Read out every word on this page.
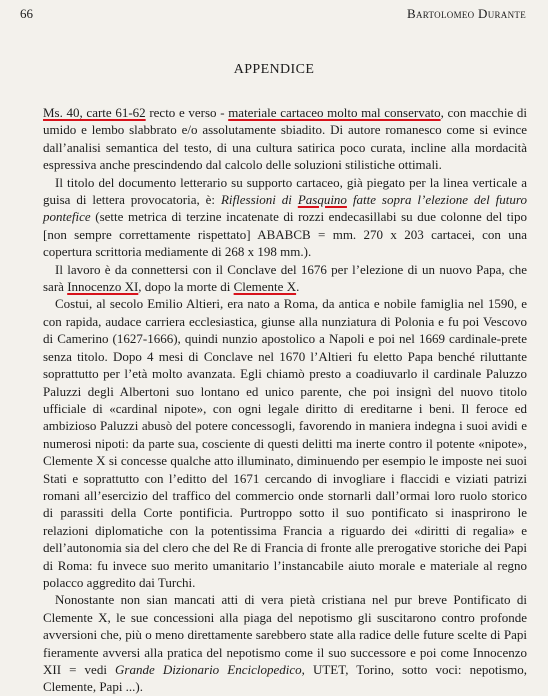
66	Bartolomeo Durante
APPENDICE

Ms. 40, carte 61-62 recto e verso - materiale cartaceo molto mal conservato, con macchie di umido e lembo slabbrato e/o assolutamente sbiadito. Di autore romanesco come si evince dall’analisi semantica del testo, di una cultura satirica poco curata, incline alla mordacità espressiva anche prescindendo dal calcolo delle soluzioni stilistiche ottimali.

Il titolo del documento letterario su supporto cartaceo, già piegato per la linea verticale a guisa di lettera provocatoria, è: Riflessioni di Pasquino fatte sopra l’elezione del futuro pontefice (sette metrica di terzine incatenate di rozzi endecasillabi su due colonne del tipo [non sempre correttamente rispettato] ABABCB = mm. 270 x 203 cartacei, con una copertura scrittoria mediamente di 268 x 198 mm.).

Il lavoro è da connettersi con il Conclave del 1676 per l’elezione di un nuovo Papa, che sarà Innocenzo XI, dopo la morte di Clemente X.

Costui, al secolo Emilio Altieri, era nato a Roma, da antica e nobile famiglia nel 1590, e con rapida, audace carriera ecclesiastica, giunse alla nunziatura di Polonia e fu poi Vescovo di Camerino (1627-1666), quindi nunzio apostolico a Napoli e poi nel 1669 cardinale-prete senza titolo. Dopo 4 mesi di Conclave nel 1670 l’Altieri fu eletto Papa benché riluttante soprattutto per l’età molto avanzata. Egli chiamò presto a coadiuvarlo il cardinale Paluzzo Paluzzi degli Albertoni suo lontano ed unico parente, che poi insignì del nuovo titolo ufficiale di «cardinal nipote», con ogni legale diritto di ereditarne i beni. Il feroce ed ambizioso Paluzzi abusò del potere concessogli, favorendo in maniera indegna i suoi avidi e numerosi nipoti: da parte sua, cosciente di questi delitti ma inerte contro il potente «nipote», Clemente X si concesse qualche atto illuminato, diminuendo per esempio le imposte nei suoi Stati e soprattutto con l’editto del 1671 cercando di invogliare i flaccidi e viziati patrizi romani all’esercizio del traffico del commercio onde stornarli dall’ormai loro ruolo storico di parassiti della Corte pontificia. Purtroppo sotto il suo pontificato si inasprirono le relazioni diplomatiche con la potentissima Francia a riguardo dei «diritti di regalia» e dell’autonomia sia del clero che del Re di Francia di fronte alle prerogative storiche dei Papi di Roma: fu invece suo merito umanitario l’instancabile aiuto morale e materiale al regno polacco aggredito dai Turchi.

Nonostante non sian mancati atti di vera pietà cristiana nel pur breve Pontificato di Clemente X, le sue concessioni alla piaga del nepotismo gli suscitarono contro profonde avversioni che, più o meno direttamente sarebbero state alla radice delle future scelte di Papi fieramente avversi alla pratica del nepotismo come il suo successore e poi come Innocenzo XII = vedi Grande Dizionario Enciclopedico, UTET, Torino, sotto voci: nepotismo, Clemente, Papi ...).
